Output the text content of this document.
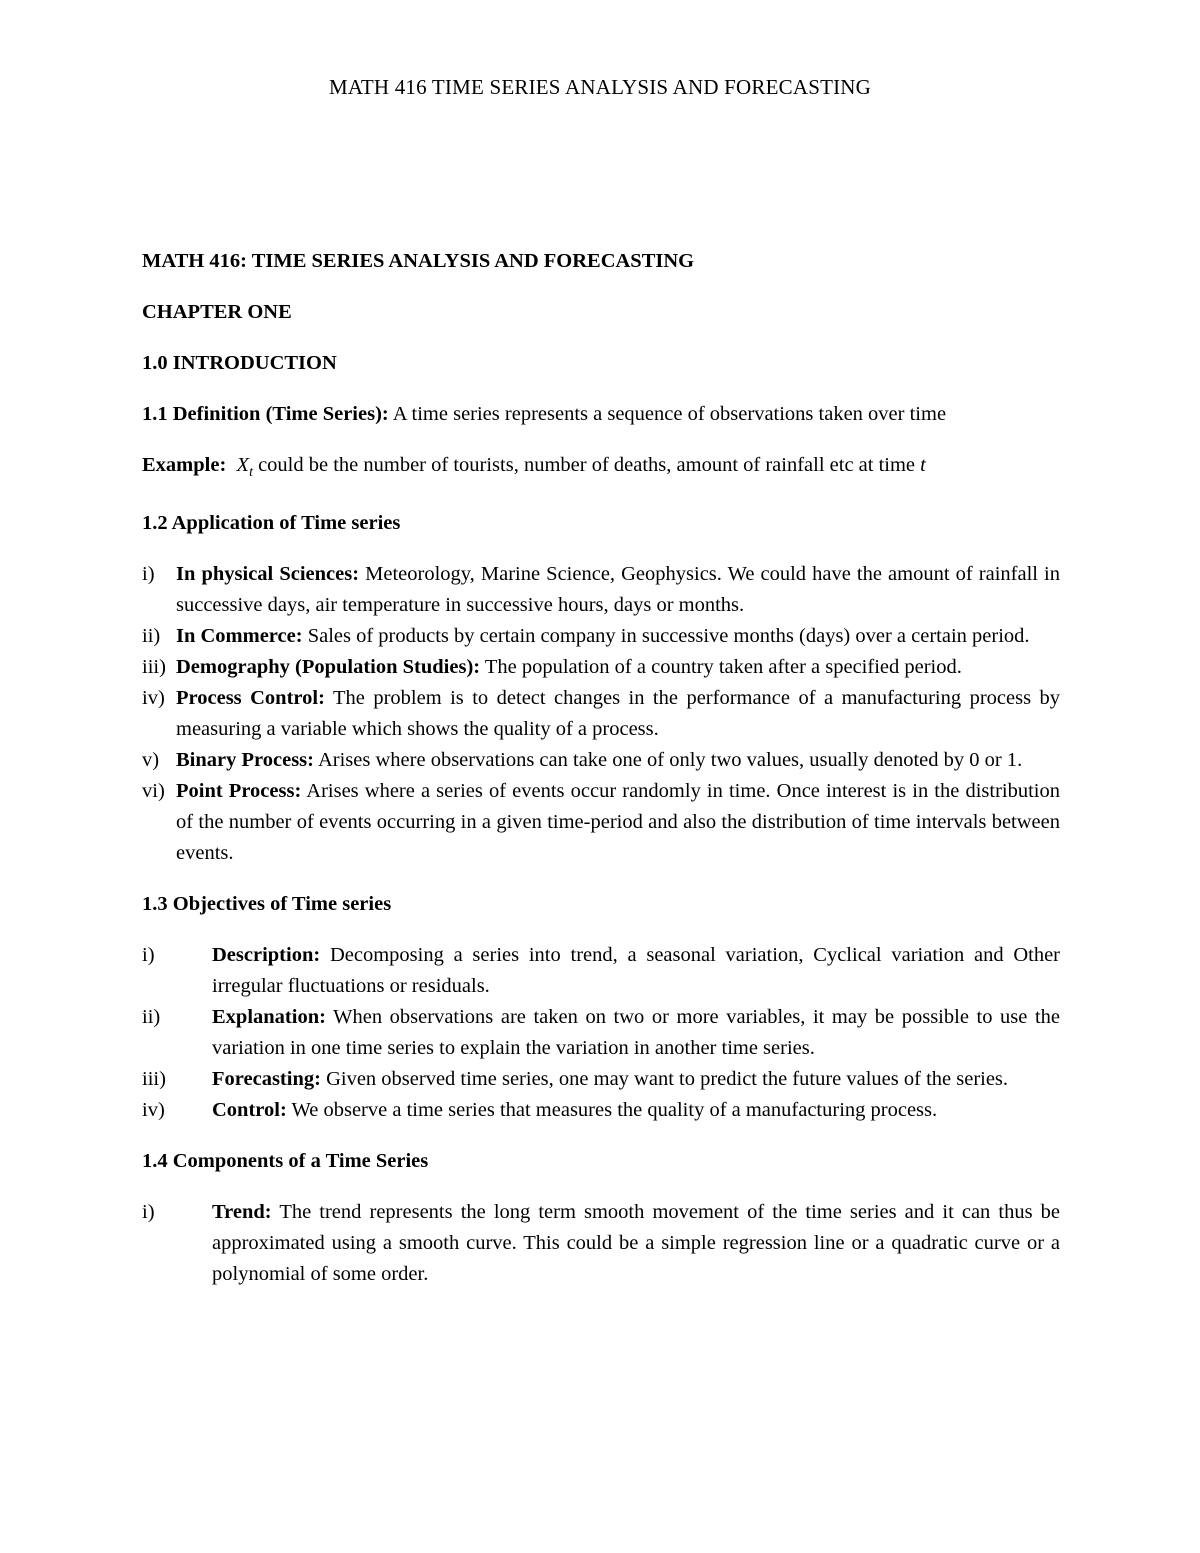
MATH 416 TIME SERIES ANALYSIS AND FORECASTING

MATH 416: TIME SERIES ANALYSIS AND FORECASTING

CHAPTER ONE

1.0 INTRODUCTION

1.1 Definition (Time Series): A time series represents a sequence of observations taken over time

Example: $X_t$ could be the number of tourists, number of deaths, amount of rainfall etc at time t

1.2 Application of Time series

i)	In physical Sciences: Meteorology, Marine Science, Geophysics. We could have the amount of rainfall in successive days, air temperature in successive hours, days or months.
ii) In Commerce: Sales of products by certain company in successive months (days) over a certain period.
iii) Demography (Population Studies): The population of a country taken after a specified period.
iv) Process Control: The problem is to detect changes in the performance of a manufacturing process by measuring a variable which shows the quality of a process.
v) Binary Process: Arises where observations can take one of only two values, usually denoted by 0 or 1.
vi) Point Process: Arises where a series of events occur randomly in time. Once interest is in the distribution of the number of events occurring in a given time-period and also the distribution of time intervals between events.

1.3 Objectives of Time series

i)	Description: Decomposing a series into trend, a seasonal variation, Cyclical variation and Other irregular fluctuations or residuals.
ii)	Explanation: When observations are taken on two or more variables, it may be possible to use the variation in one time series to explain the variation in another time series.
iii)	Forecasting: Given observed time series, one may want to predict the future values of the series.
iv)	Control: We observe a time series that measures the quality of a manufacturing process.

1.4 Components of a Time Series

i)	Trend: The trend represents the long term smooth movement of the time series and it can thus be approximated using a smooth curve. This could be a simple regression line or a quadratic curve or a polynomial of some order.
